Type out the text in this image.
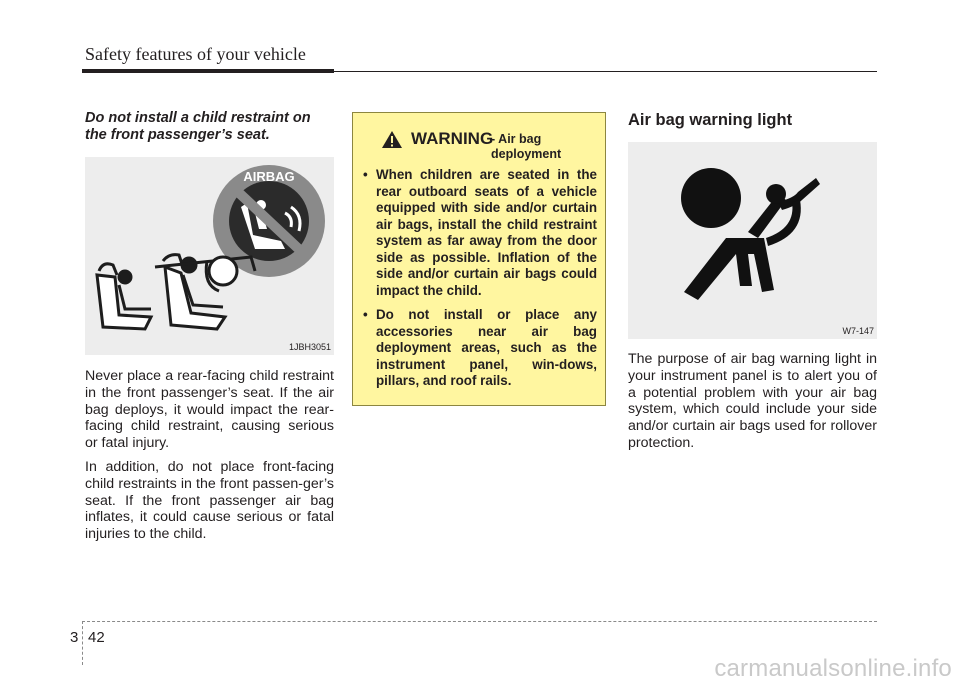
Safety features of your vehicle
Do not install a child restraint on the front passenger’s seat.
AIRBAG
1JBH3051

Never place a rear-facing child restraint in the front passenger’s seat. If the air bag deploys, it would impact the rear-facing child restraint, causing serious or fatal injury.

In addition, do not place front-facing child restraints in the front passen-ger’s seat. If the front passenger air bag inflates, it could cause serious or fatal injuries to the child.

WARNING
- Air bag deployment
• When children are seated in the rear outboard seats of a vehicle equipped with side and/or curtain air bags, install the child restraint system as far away from the door side as possible. Inflation of the side and/or curtain air bags could impact the child.
• Do not install or place any accessories near air bag deployment areas, such as the instrument panel, win-dows, pillars, and roof rails.
Air bag warning light
W7-147

The purpose of air bag warning light in your instrument panel is to alert you of a potential problem with your air bag system, which could include your side and/or curtain air bags used for rollover protection.

3 42
carmanualsonline.info
